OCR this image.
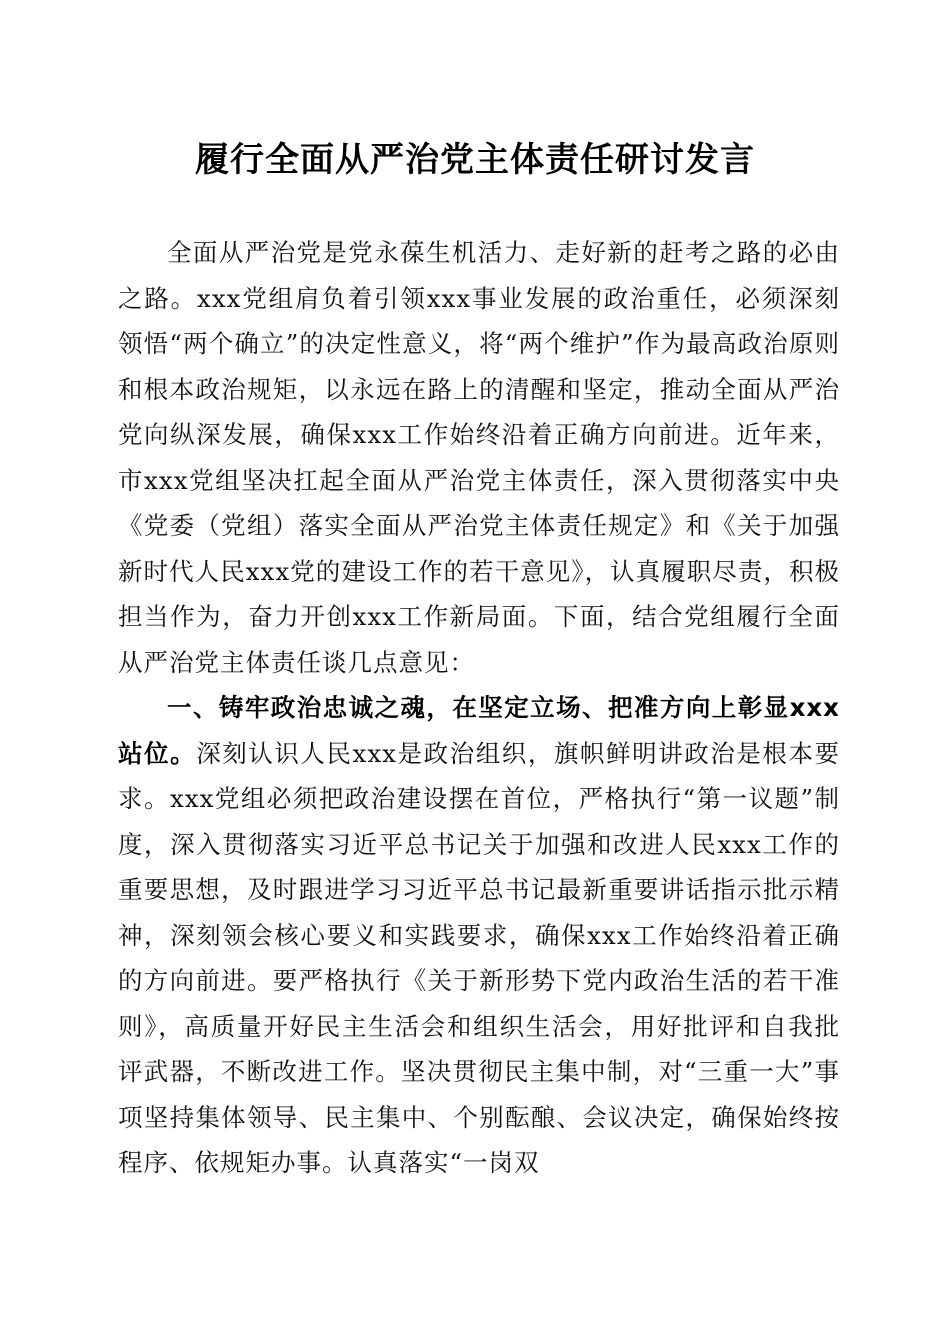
履行全面从严治党主体责任研讨发言

全面从严治党是党永葆生机活力、走好新的赶考之路的必由之路。xxx党组肩负着引领xxx事业发展的政治重任，必须深刻领悟“两个确立”的决定性意义，将“两个维护”作为最高政治原则和根本政治规矩，以永远在路上的清醒和坚定，推动全面从严治党向纵深发展，确保xxx工作始终沿着正确方向前进。近年来，市xxx党组坚决扛起全面从严治党主体责任，深入贯彻落实中央《党委（党组）落实全面从严治党主体责任规定》和《关于加强新时代人民xxx党的建设工作的若干意见》，认真履职尽责，积极担当作为，奋力开创xxx工作新局面。下面，结合党组履行全面从严治党主体责任谈几点意见：

一、铸牢政治忠诚之魂，在坚定立场、把准方向上彰显xxx站位。深刻认识人民xxx是政治组织，旗帜鲜明讲政治是根本要求。xxx党组必须把政治建设摆在首位，严格执行“第一议题”制度，深入贯彻落实习近平总书记关于加强和改进人民xxx工作的重要思想，及时跟进学习习近平总书记最新重要讲话指示批示精神，深刻领会核心要义和实践要求，确保xxx工作始终沿着正确的方向前进。要严格执行《关于新形势下党内政治生活的若干准则》，高质量开好民主生活会和组织生活会，用好批评和自我批评武器，不断改进工作。坚决贯彻民主集中制，对“三重一大”事项坚持集体领导、民主集中、个别酝酿、会议决定，确保始终按程序、依规矩办事。认真落实“一岗双
